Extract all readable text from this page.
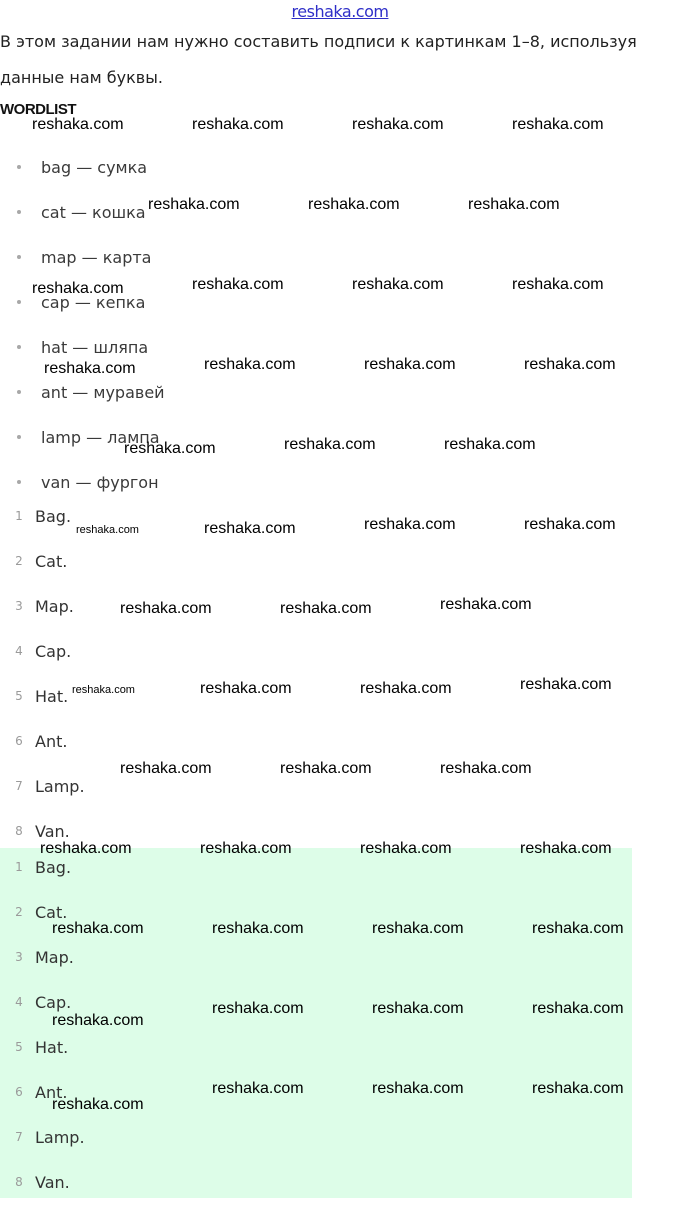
reshaka.com

В этом задании нам нужно составить подписи к картинкам 1–8, используя данные нам буквы.

WORDLIST
bag — сумка
cat — кошка
map — карта
cap — кепка
hat — шляпа
ant — муравей
lamp — лампа
van — фургон
1 Bag.
2 Cat.
3 Map.
4 Cap.
5 Hat.
6 Ant.
7 Lamp.
8 Van.
1 Bag.
2 Cat.
3 Map.
4 Cap.
5 Hat.
6 Ant.
7 Lamp.
8 Van.
reshaka.com	reshaka.com	reshaka.com	reshaka.com
reshaka.com	reshaka.com	reshaka.com
reshaka.com	reshaka.com	reshaka.com	reshaka.com
reshaka.com	reshaka.com	reshaka.com	reshaka.com
reshaka.com	reshaka.com	reshaka.com
reshaka.com	reshaka.com	reshaka.com	reshaka.com
reshaka.com	reshaka.com	reshaka.com
reshaka.com	reshaka.com	reshaka.com	reshaka.com
reshaka.com	reshaka.com	reshaka.com
reshaka.com	reshaka.com	reshaka.com	reshaka.com
reshaka.com	reshaka.com	reshaka.com	reshaka.com
reshaka.com
reshaka.com	reshaka.com	reshaka.com
reshaka.com
reshaka.com	reshaka.com	reshaka.com
